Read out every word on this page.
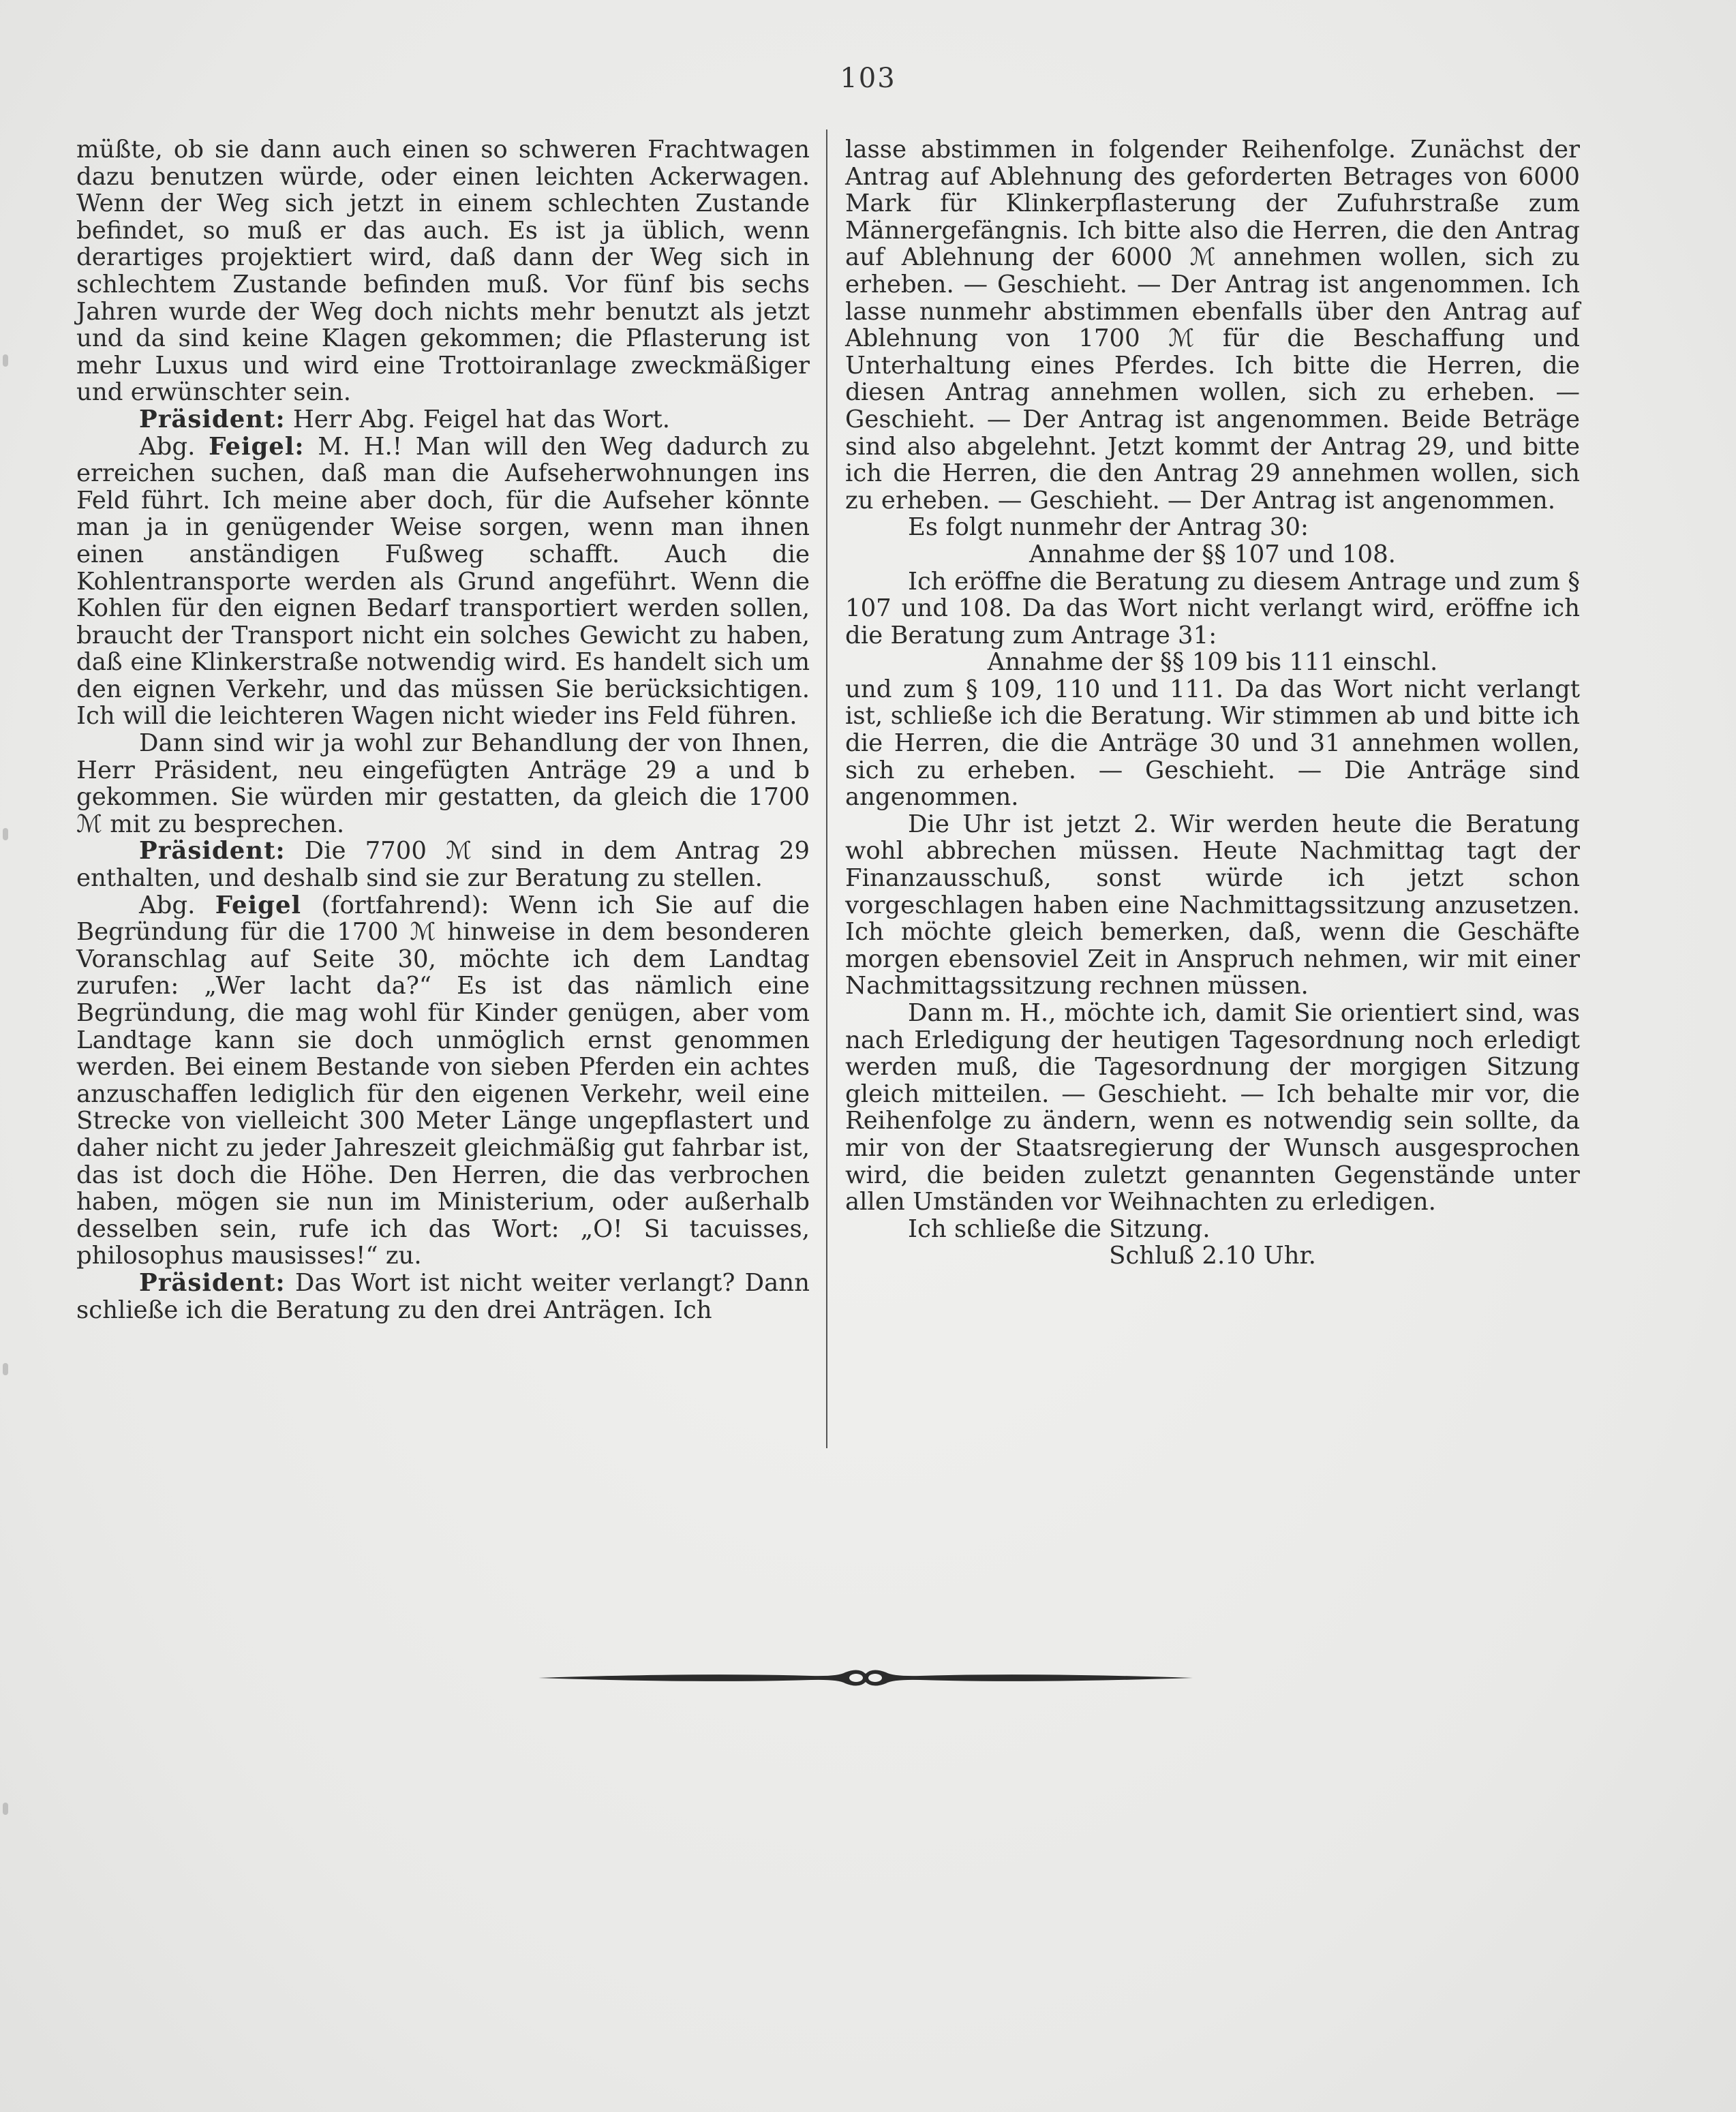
103

müßte, ob sie dann auch einen so schweren Frachtwagen dazu benutzen würde, oder einen leichten Ackerwagen. Wenn der Weg sich jetzt in einem schlechten Zustande befindet, so muß er das auch. Es ist ja üblich, wenn derartiges projektiert wird, daß dann der Weg sich in schlechtem Zustande befinden muß. Vor fünf bis sechs Jahren wurde der Weg doch nichts mehr benutzt als jetzt und da sind keine Klagen gekommen; die Pflasterung ist mehr Luxus und wird eine Trottoiranlage zweckmäßiger und erwünschter sein.

Präsident: Herr Abg. Feigel hat das Wort.

Abg. Feigel: M. H.! Man will den Weg dadurch zu erreichen suchen, daß man die Aufseherwohnungen ins Feld führt. Ich meine aber doch, für die Aufseher könnte man ja in genügender Weise sorgen, wenn man ihnen einen anständigen Fußweg schafft. Auch die Kohlentransporte werden als Grund angeführt. Wenn die Kohlen für den eignen Bedarf transportiert werden sollen, braucht der Transport nicht ein solches Gewicht zu haben, daß eine Klinkerstraße notwendig wird. Es handelt sich um den eignen Verkehr, und das müssen Sie berücksichtigen. Ich will die leichteren Wagen nicht wieder ins Feld führen.

Dann sind wir ja wohl zur Behandlung der von Ihnen, Herr Präsident, neu eingefügten Anträge 29 a und b gekommen. Sie würden mir gestatten, da gleich die 1700 ℳ mit zu besprechen.

Präsident: Die 7700 ℳ sind in dem Antrag 29 enthalten, und deshalb sind sie zur Beratung zu stellen.

Abg. Feigel (fortfahrend): Wenn ich Sie auf die Begründung für die 1700 ℳ hinweise in dem besonderen Voranschlag auf Seite 30, möchte ich dem Landtag zurufen: „Wer lacht da?“ Es ist das nämlich eine Begründung, die mag wohl für Kinder genügen, aber vom Landtage kann sie doch unmöglich ernst genommen werden. Bei einem Bestande von sieben Pferden ein achtes anzuschaffen lediglich für den eigenen Verkehr, weil eine Strecke von vielleicht 300 Meter Länge ungepflastert und daher nicht zu jeder Jahreszeit gleichmäßig gut fahrbar ist, das ist doch die Höhe. Den Herren, die das verbrochen haben, mögen sie nun im Ministerium, oder außerhalb desselben sein, rufe ich das Wort: „O! Si tacuisses, philosophus mausisses!“ zu.

Präsident: Das Wort ist nicht weiter verlangt? Dann schließe ich die Beratung zu den drei Anträgen. Ich

lasse abstimmen in folgender Reihenfolge. Zunächst der Antrag auf Ablehnung des geforderten Betrages von 6000 Mark für Klinkerpflasterung der Zufuhrstraße zum Männergefängnis. Ich bitte also die Herren, die den Antrag auf Ablehnung der 6000 ℳ annehmen wollen, sich zu erheben. — Geschieht. — Der Antrag ist angenommen. Ich lasse nunmehr abstimmen ebenfalls über den Antrag auf Ablehnung von 1700 ℳ für die Beschaffung und Unterhaltung eines Pferdes. Ich bitte die Herren, die diesen Antrag annehmen wollen, sich zu erheben. — Geschieht. — Der Antrag ist angenommen. Beide Beträge sind also abgelehnt. Jetzt kommt der Antrag 29, und bitte ich die Herren, die den Antrag 29 annehmen wollen, sich zu erheben. — Geschieht. — Der Antrag ist angenommen.

Es folgt nunmehr der Antrag 30:

Annahme der §§ 107 und 108.

Ich eröffne die Beratung zu diesem Antrage und zum § 107 und 108. Da das Wort nicht verlangt wird, eröffne ich die Beratung zum Antrage 31:

Annahme der §§ 109 bis 111 einschl.

und zum § 109, 110 und 111. Da das Wort nicht verlangt ist, schließe ich die Beratung. Wir stimmen ab und bitte ich die Herren, die die Anträge 30 und 31 annehmen wollen, sich zu erheben. — Geschieht. — Die Anträge sind angenommen.

Die Uhr ist jetzt 2. Wir werden heute die Beratung wohl abbrechen müssen. Heute Nachmittag tagt der Finanzausschuß, sonst würde ich jetzt schon vorgeschlagen haben eine Nachmittagssitzung anzusetzen. Ich möchte gleich bemerken, daß, wenn die Geschäfte morgen ebensoviel Zeit in Anspruch nehmen, wir mit einer Nachmittagssitzung rechnen müssen.

Dann m. H., möchte ich, damit Sie orientiert sind, was nach Erledigung der heutigen Tagesordnung noch erledigt werden muß, die Tagesordnung der morgigen Sitzung gleich mitteilen. — Geschieht. — Ich behalte mir vor, die Reihenfolge zu ändern, wenn es notwendig sein sollte, da mir von der Staatsregierung der Wunsch ausgesprochen wird, die beiden zuletzt genannten Gegenstände unter allen Umständen vor Weihnachten zu erledigen.

Ich schließe die Sitzung.

Schluß 2.10 Uhr.
